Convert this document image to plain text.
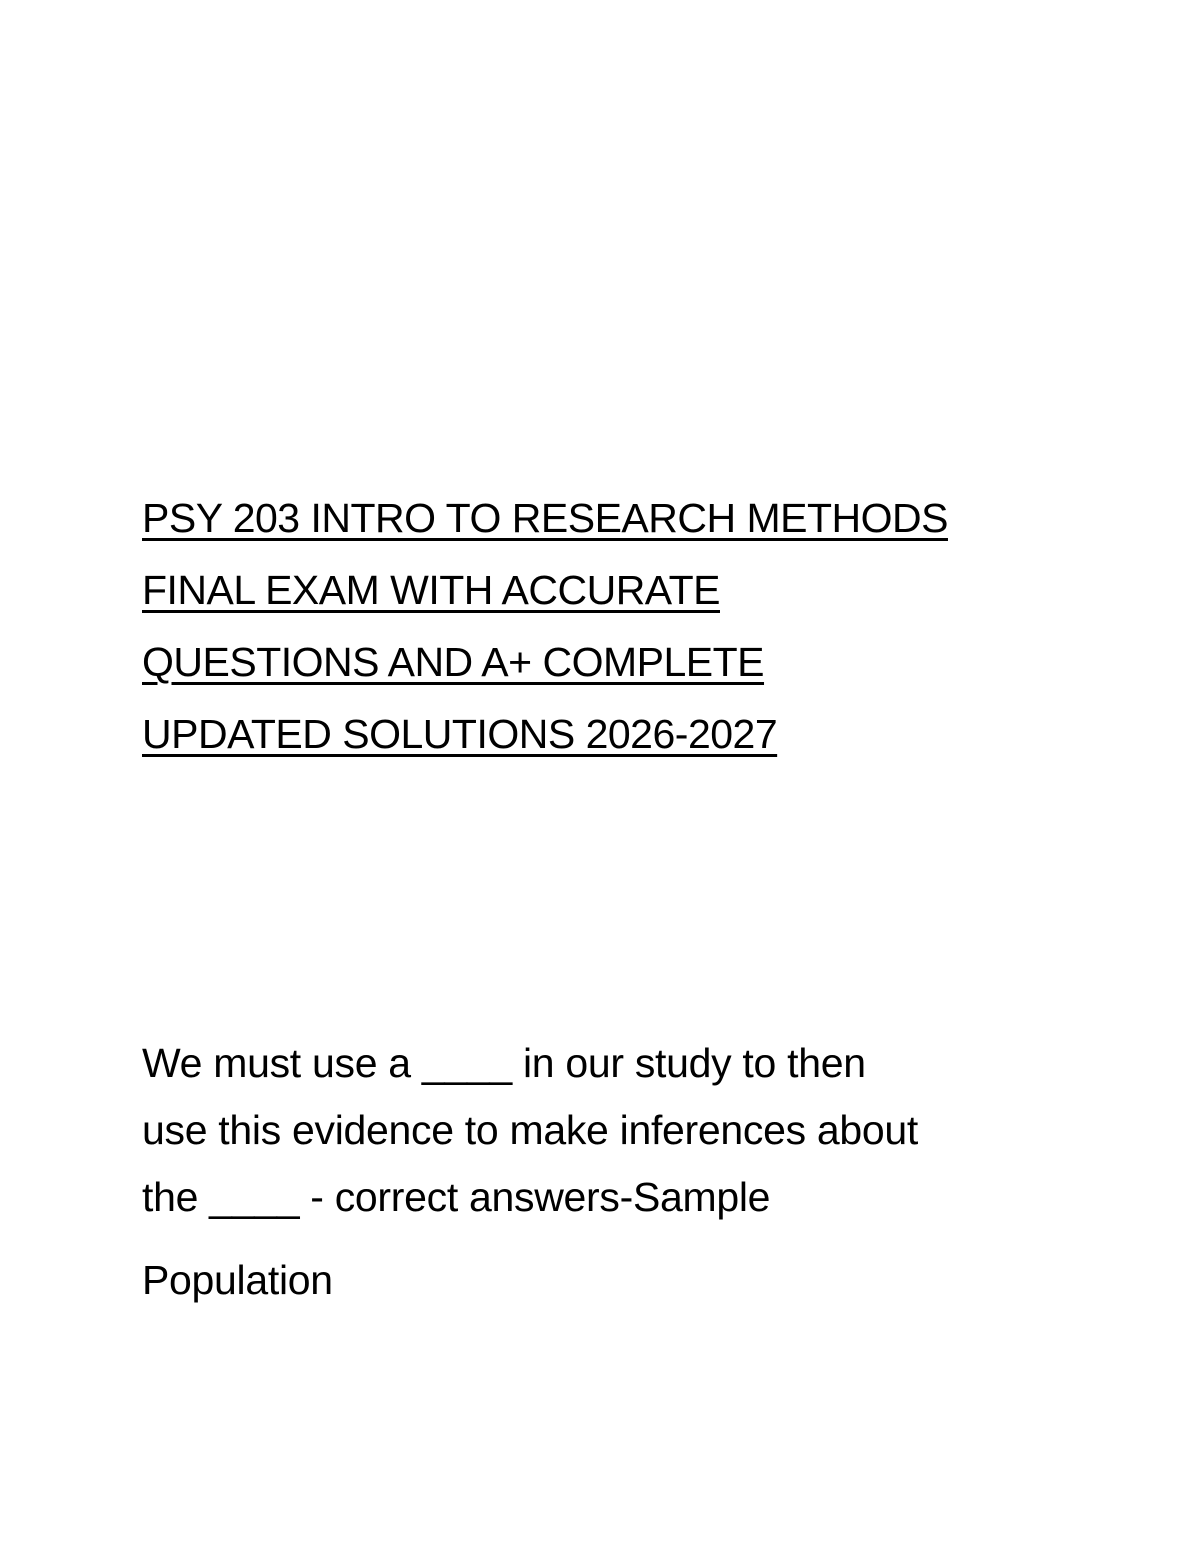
PSY 203 INTRO TO RESEARCH METHODS
FINAL EXAM WITH ACCURATE
QUESTIONS AND A+ COMPLETE
UPDATED SOLUTIONS 2026-2027
We must use a ____ in our study to then
use this evidence to make inferences about
the ____ - correct answers-Sample
Population
